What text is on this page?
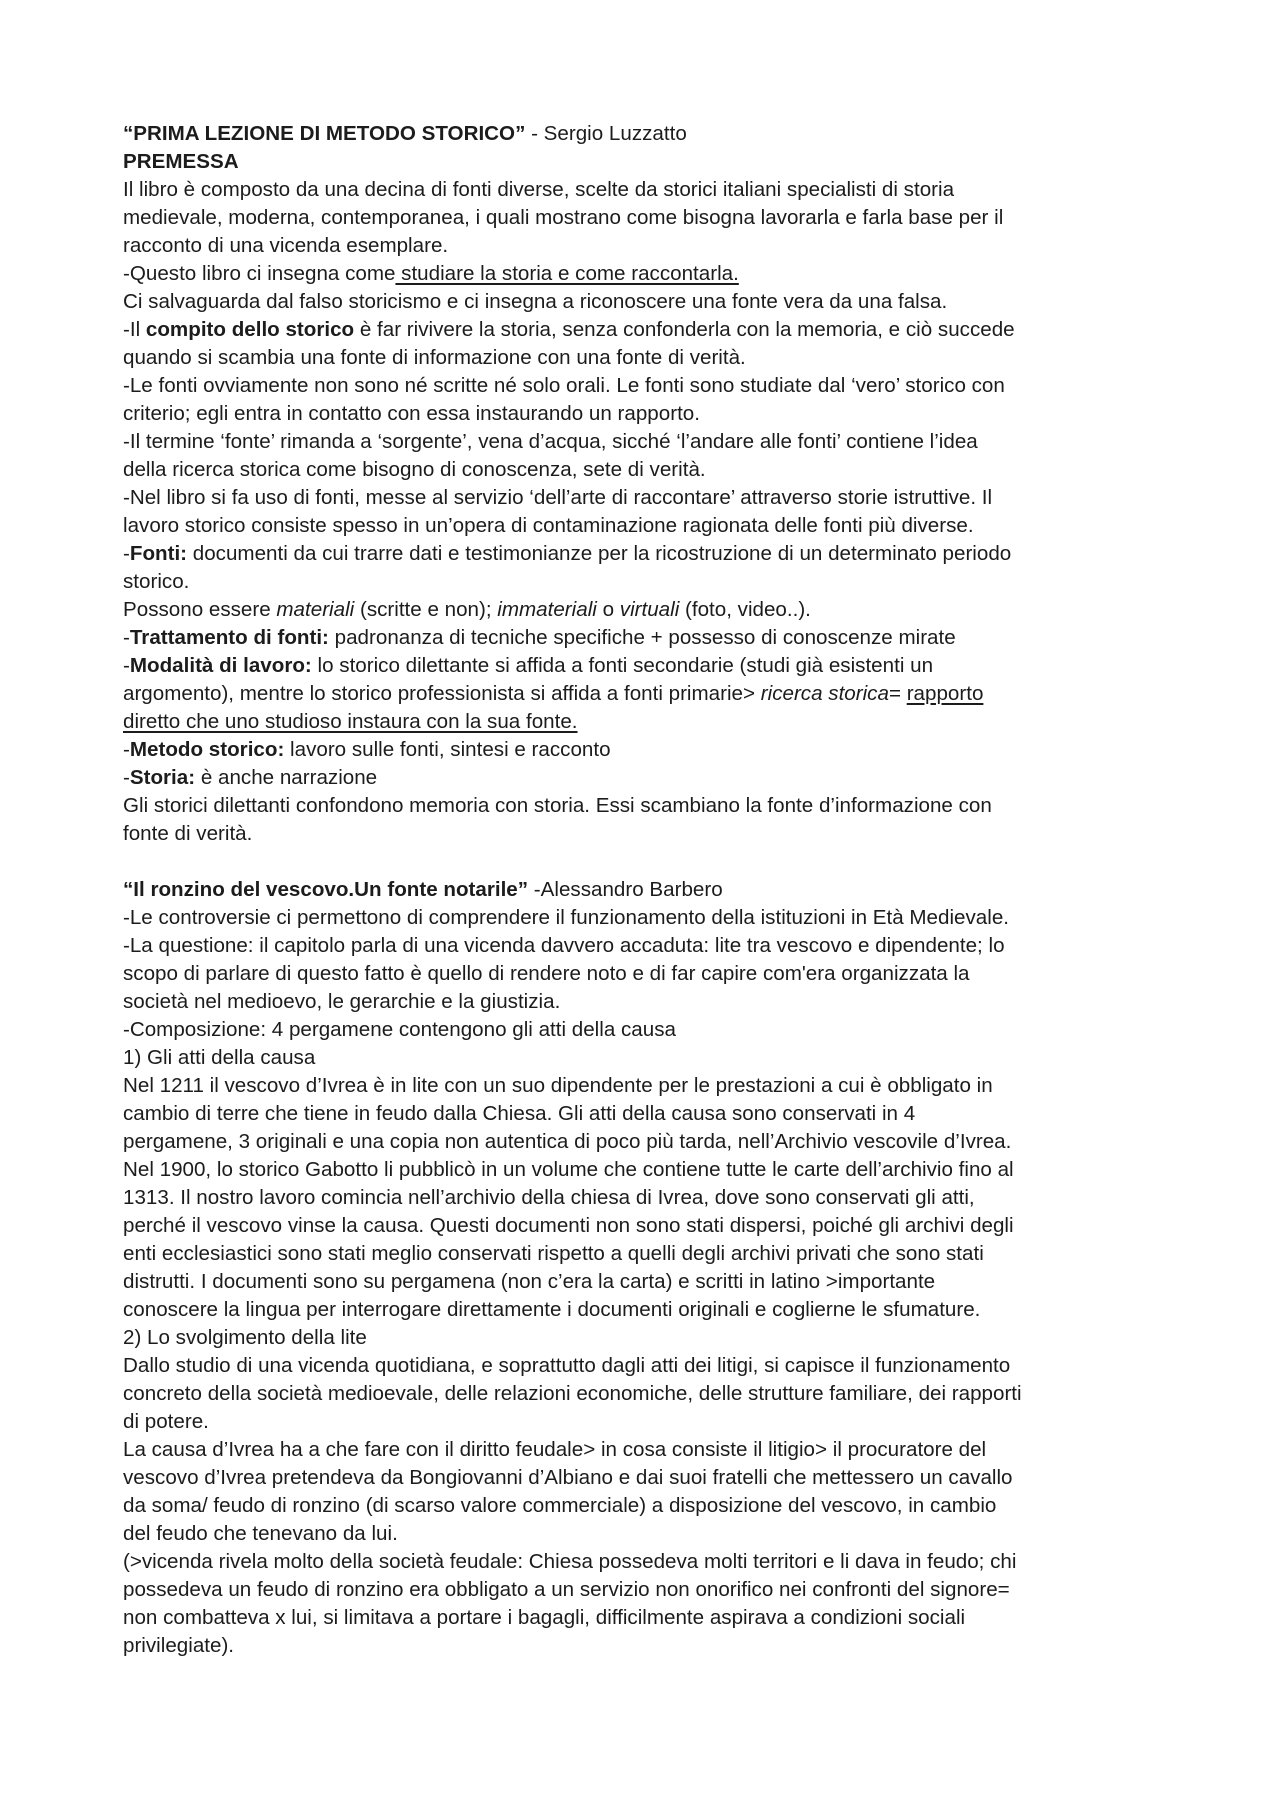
“PRIMA LEZIONE DI METODO STORICO” - Sergio Luzzatto

PREMESSA

Il libro è composto da una decina di fonti diverse, scelte da storici italiani specialisti di storia

medievale, moderna, contemporanea, i quali mostrano come bisogna lavorarla e farla base per il

racconto di una vicenda esemplare.

-Questo libro ci insegna come studiare la storia e come raccontarla.

Ci salvaguarda dal falso storicismo e ci insegna a riconoscere una fonte vera da una falsa.

-Il compito dello storico è far rivivere la storia, senza confonderla con la memoria, e ciò succede

quando si scambia una fonte di informazione con una fonte di verità.

-Le fonti ovviamente non sono né scritte né solo orali. Le fonti sono studiate dal ‘vero’ storico con

criterio; egli entra in contatto con essa instaurando un rapporto.

-Il termine ‘fonte’ rimanda a ‘sorgente’, vena d’acqua, sicché ‘l’andare alle fonti’ contiene l’idea

della ricerca storica come bisogno di conoscenza, sete di verità.

-Nel libro si fa uso di fonti, messe al servizio ‘dell’arte di raccontare’ attraverso storie istruttive. Il

lavoro storico consiste spesso in un’opera di contaminazione ragionata delle fonti più diverse.

-Fonti: documenti da cui trarre dati e testimonianze per la ricostruzione di un determinato periodo

storico.

Possono essere materiali (scritte e non); immateriali o virtuali (foto, video..).

-Trattamento di fonti: padronanza di tecniche specifiche + possesso di conoscenze mirate

-Modalità di lavoro: lo storico dilettante si affida a fonti secondarie (studi già esistenti un

argomento), mentre lo storico professionista si affida a fonti primarie> ricerca storica= rapporto

diretto che uno studioso instaura con la sua fonte.

-Metodo storico: lavoro sulle fonti, sintesi e racconto

-Storia: è anche narrazione

Gli storici dilettanti confondono memoria con storia. Essi scambiano la fonte d’informazione con

fonte di verità.

“Il ronzino del vescovo.Un fonte notarile” -Alessandro Barbero

-Le controversie ci permettono di comprendere il funzionamento della istituzioni in Età Medievale.

-La questione: il capitolo parla di una vicenda davvero accaduta: lite tra vescovo e dipendente; lo

scopo di parlare di questo fatto è quello di rendere noto e di far capire com'era organizzata la

società nel medioevo, le gerarchie e la giustizia.

-Composizione: 4 pergamene contengono gli atti della causa

1) Gli atti della causa

Nel 1211 il vescovo d’Ivrea è in lite con un suo dipendente per le prestazioni a cui è obbligato in

cambio di terre che tiene in feudo dalla Chiesa. Gli atti della causa sono conservati in 4

pergamene, 3 originali e una copia non autentica di poco più tarda, nell’Archivio vescovile d’Ivrea.

Nel 1900, lo storico Gabotto li pubblicò in un volume che contiene tutte le carte dell’archivio fino al

1313. Il nostro lavoro comincia nell’archivio della chiesa di Ivrea, dove sono conservati gli atti,

perché il vescovo vinse la causa. Questi documenti non sono stati dispersi, poiché gli archivi degli

enti ecclesiastici sono stati meglio conservati rispetto a quelli degli archivi privati che sono stati

distrutti. I documenti sono su pergamena (non c’era la carta) e scritti in latino >importante

conoscere la lingua per interrogare direttamente i documenti originali e coglierne le sfumature.

2) Lo svolgimento della lite

Dallo studio di una vicenda quotidiana, e soprattutto dagli atti dei litigi, si capisce il funzionamento

concreto della società medioevale, delle relazioni economiche, delle strutture familiare, dei rapporti

di potere.

La causa d’Ivrea ha a che fare con il diritto feudale> in cosa consiste il litigio> il procuratore del

vescovo d’Ivrea pretendeva da Bongiovanni d’Albiano e dai suoi fratelli che mettessero un cavallo

da soma/ feudo di ronzino (di scarso valore commerciale) a disposizione del vescovo, in cambio

del feudo che tenevano da lui.

(>vicenda rivela molto della società feudale: Chiesa possedeva molti territori e li dava in feudo; chi

possedeva un feudo di ronzino era obbligato a un servizio non onorifico nei confronti del signore=

non combatteva x lui, si limitava a portare i bagagli, difficilmente aspirava a condizioni sociali

privilegiate).
